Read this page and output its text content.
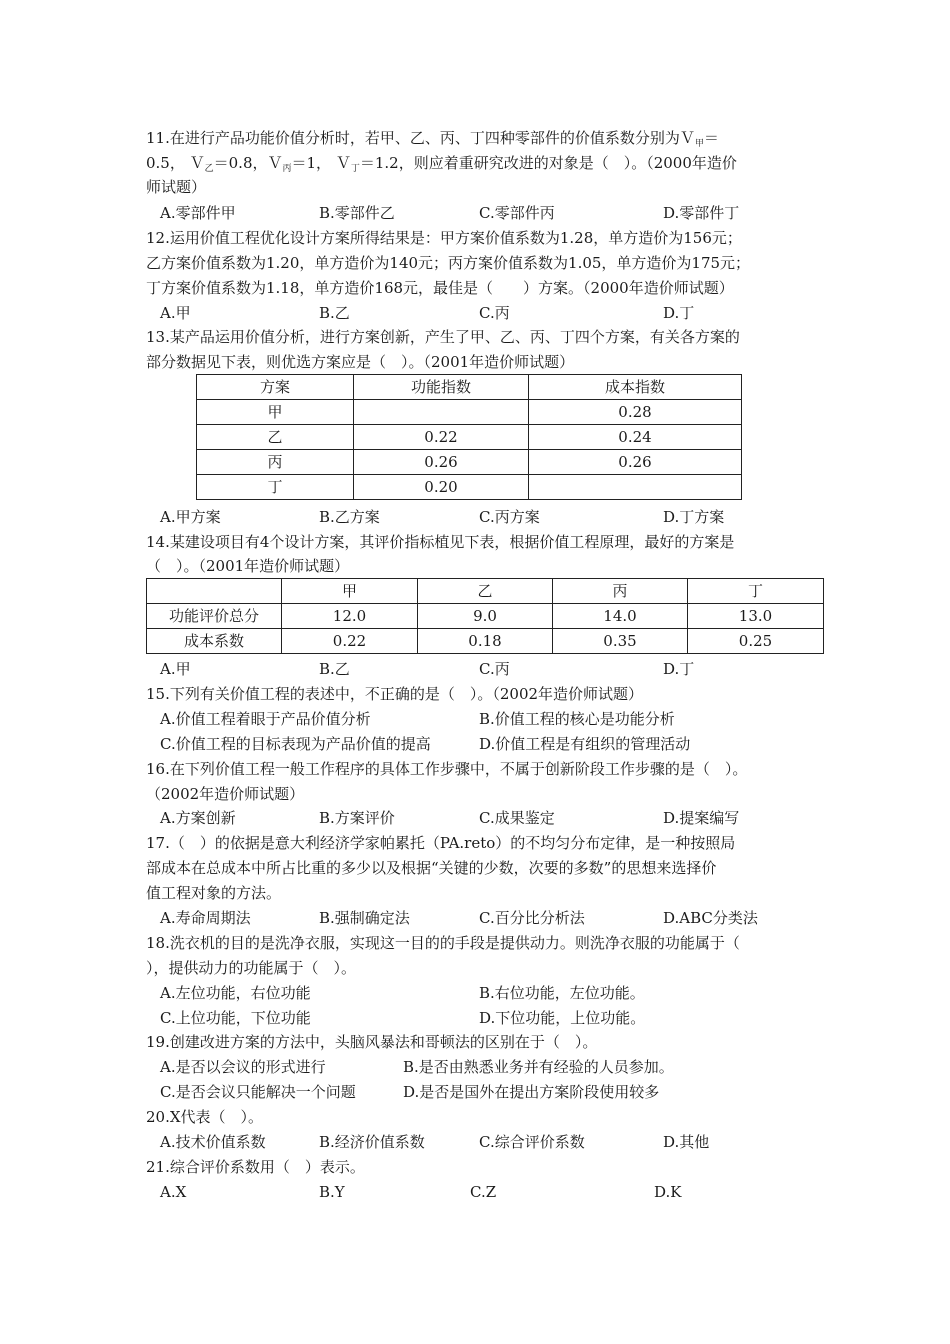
11.在进行产品功能价值分析时，若甲、乙、丙、丁四种零部件的价值系数分别为Ｖ$_甲$＝
0.5， Ｖ$_乙$＝0.8，Ｖ$_丙$＝1， Ｖ$_丁$＝1.2，则应着重研究改进的对象是（　）。（2000年造价
师试题）
A.零部件甲	B.零部件乙	C.零部件丙	D.零部件丁
12.运用价值工程优化设计方案所得结果是：甲方案价值系数为1.28，单方造价为156元；
乙方案价值系数为1.20，单方造价为140元；丙方案价值系数为1.05，单方造价为175元；
丁方案价值系数为1.18，单方造价168元，最佳是（　　）方案。（2000年造价师试题）
A.甲	B.乙	C.丙	D.丁
13.某产品运用价值分析，进行方案创新，产生了甲、乙、丙、丁四个方案，有关各方案的
部分数据见下表，则优选方案应是（　）。（2001年造价师试题）
方案	功能指数	成本指数
甲		0.28
乙	0.22	0.24
丙	0.26	0.26
丁	0.20	
A.甲方案	B.乙方案	C.丙方案	D.丁方案
14.某建设项目有4个设计方案，其评价指标植见下表，根据价值工程原理，最好的方案是
（　）。（2001年造价师试题）
	甲	乙	丙	丁
功能评价总分	12.0	9.0	14.0	13.0
成本系数	0.22	0.18	0.35	0.25
A.甲	B.乙	C.丙	D.丁
15.下列有关价值工程的表述中，不正确的是（　）。（2002年造价师试题）
A.价值工程着眼于产品价值分析	B.价值工程的核心是功能分析
C.价值工程的目标表现为产品价值的提高	D.价值工程是有组织的管理活动
16.在下列价值工程一般工作程序的具体工作步骤中，不属于创新阶段工作步骤的是（　）。
（2002年造价师试题）
A.方案创新	B.方案评价	C.成果鉴定	D.提案编写
17.（　）的依据是意大利经济学家帕累托（PA.reto）的不均匀分布定律，是一种按照局
部成本在总成本中所占比重的多少以及根据“关键的少数，次要的多数”的思想来选择价
值工程对象的方法。
A.寿命周期法	B.强制确定法	C.百分比分析法	D.ABC分类法
18.洗衣机的目的是洗净衣服，实现这一目的的手段是提供动力。则洗净衣服的功能属于（
），提供动力的功能属于（　）。
A.左位功能，右位功能	B.右位功能，左位功能。
C.上位功能，下位功能	D.下位功能，上位功能。
19.创建改进方案的方法中，头脑风暴法和哥顿法的区别在于（　）。
A.是否以会议的形式进行	B.是否由熟悉业务并有经验的人员参加。
C.是否会议只能解决一个问题	D.是否是国外在提出方案阶段使用较多
20.X代表（　）。
A.技术价值系数	B.经济价值系数	C.综合评价系数	D.其他
21.综合评价系数用（　）表示。
A.X	B.Y	C.Z	D.K
